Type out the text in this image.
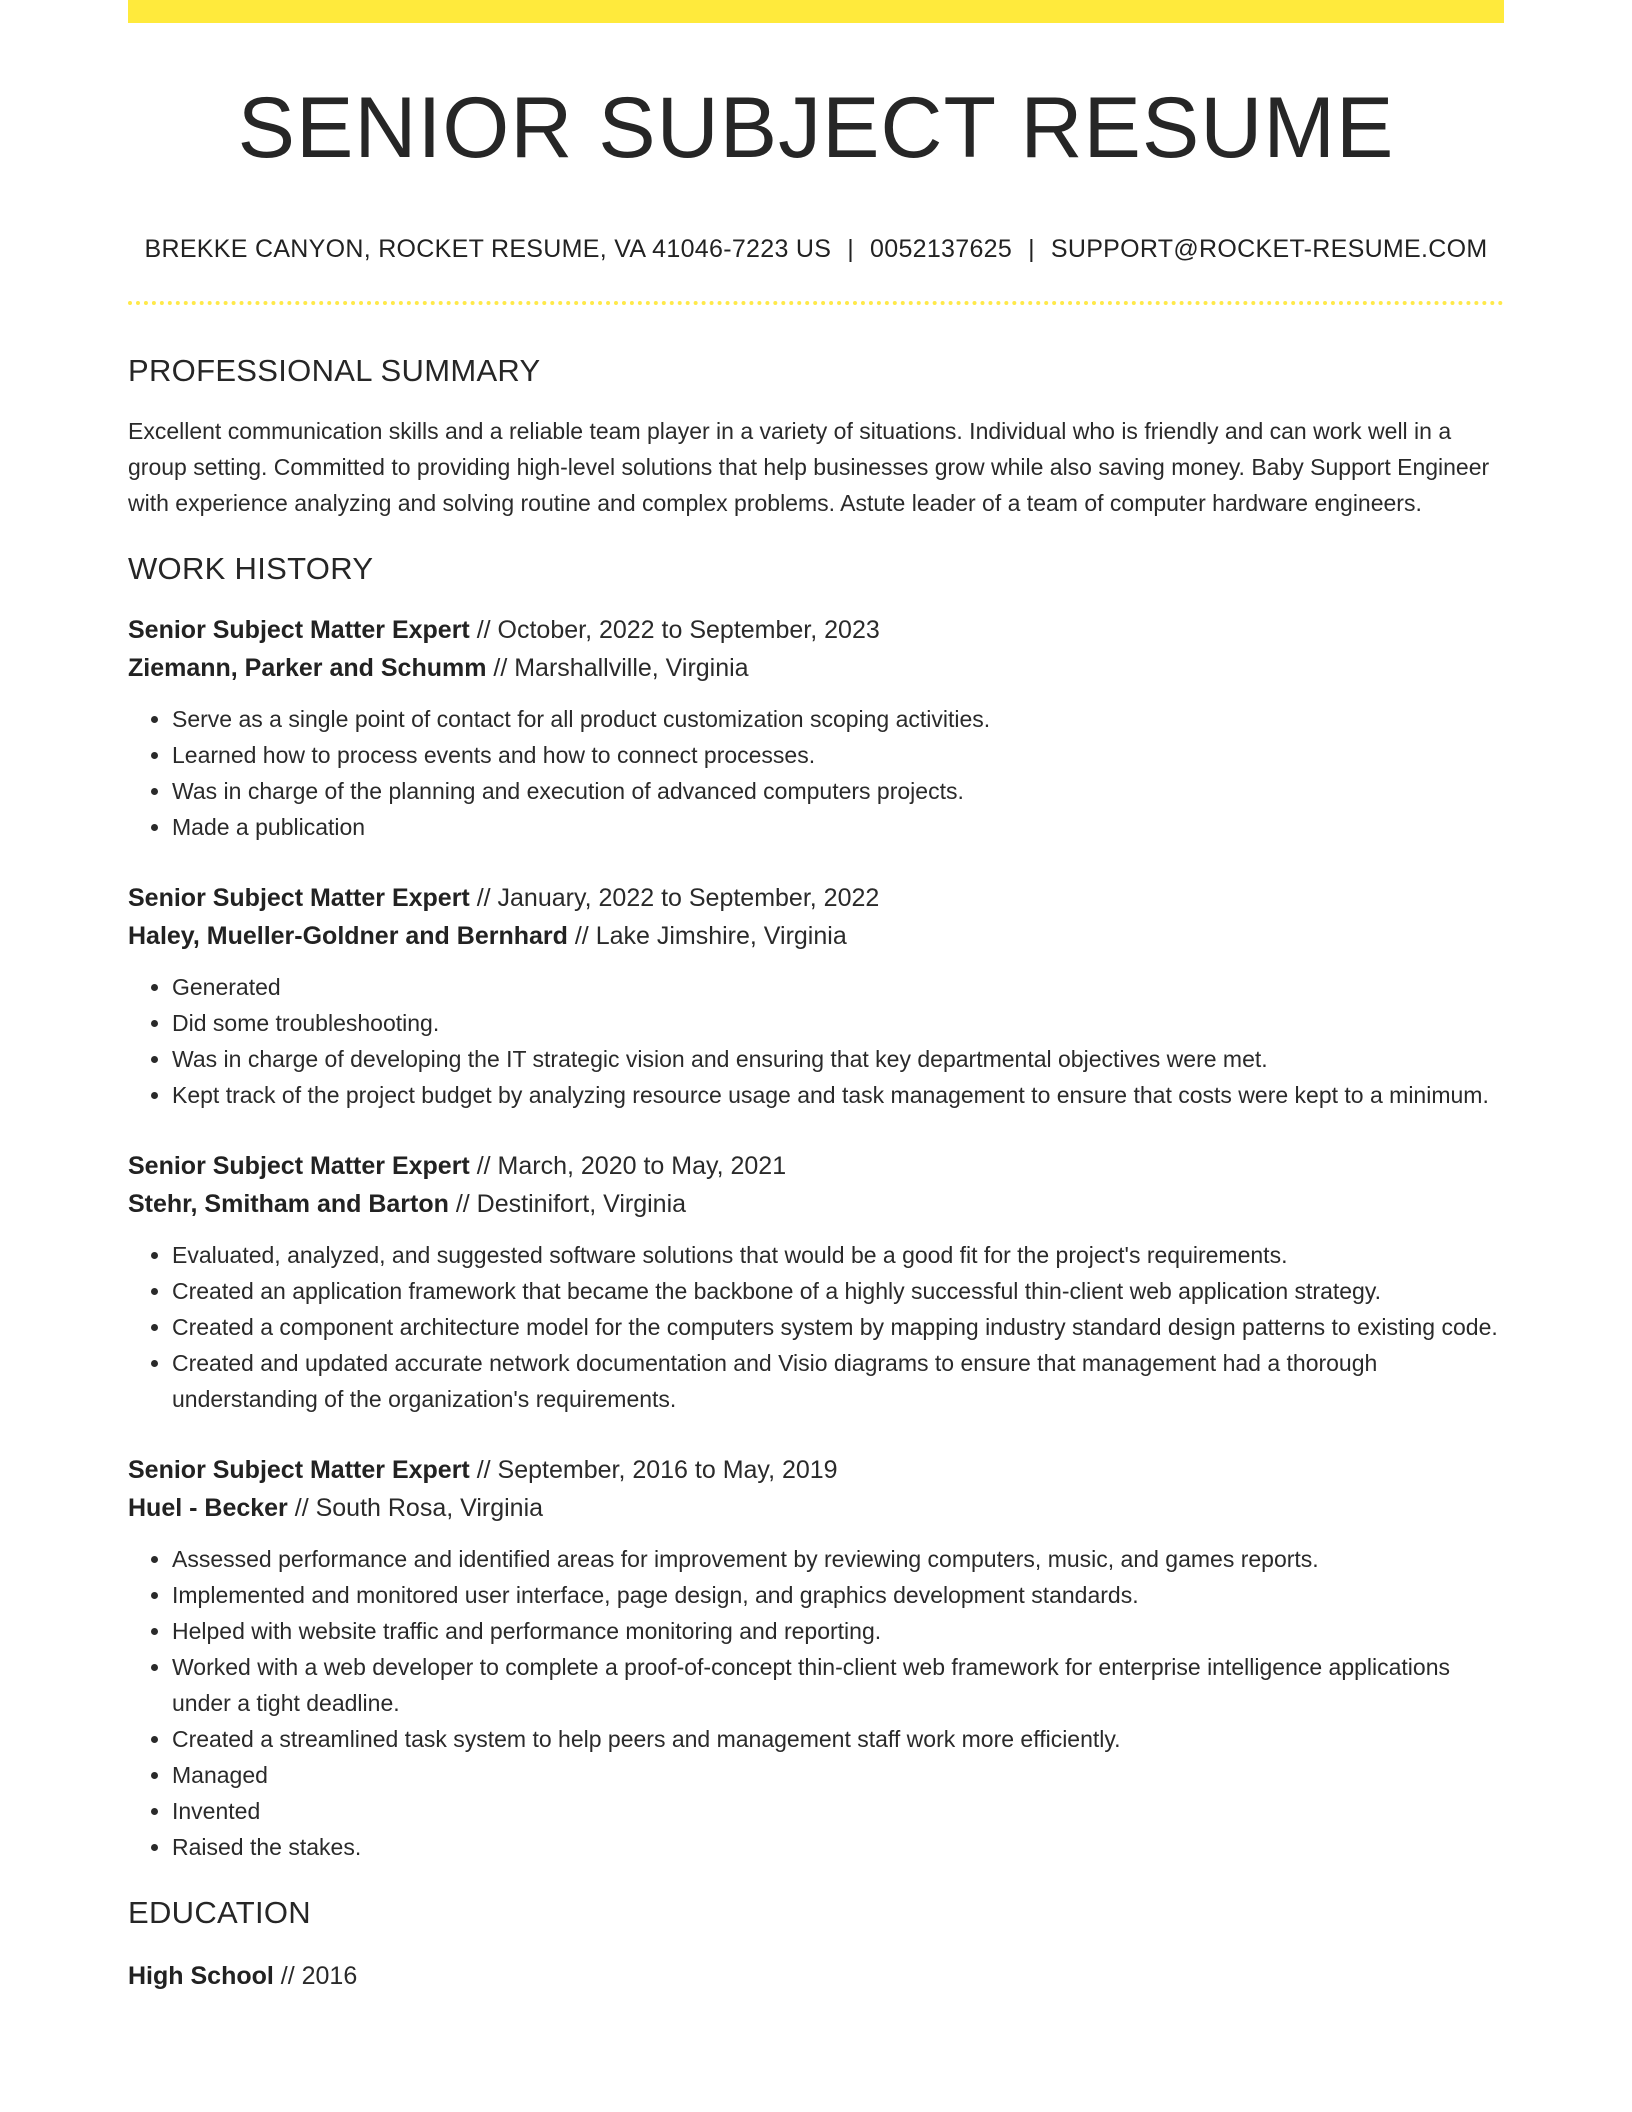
SENIOR SUBJECT RESUME
BREKKE CANYON, ROCKET RESUME, VA 41046-7223 US | 0052137625 | SUPPORT@ROCKET-RESUME.COM
PROFESSIONAL SUMMARY

Excellent communication skills and a reliable team player in a variety of situations. Individual who is friendly and can work well in a group setting. Committed to providing high-level solutions that help businesses grow while also saving money. Baby Support Engineer with experience analyzing and solving routine and complex problems. Astute leader of a team of computer hardware engineers.

WORK HISTORY
Senior Subject Matter Expert // October, 2022 to September, 2023
Ziemann, Parker and Schumm // Marshallville, Virginia
• Serve as a single point of contact for all product customization scoping activities.
• Learned how to process events and how to connect processes.
• Was in charge of the planning and execution of advanced computers projects.
• Made a publication
Senior Subject Matter Expert // January, 2022 to September, 2022
Haley, Mueller-Goldner and Bernhard // Lake Jimshire, Virginia
• Generated
• Did some troubleshooting.
• Was in charge of developing the IT strategic vision and ensuring that key departmental objectives were met.
• Kept track of the project budget by analyzing resource usage and task management to ensure that costs were kept to a minimum.
Senior Subject Matter Expert // March, 2020 to May, 2021
Stehr, Smitham and Barton // Destinifort, Virginia
• Evaluated, analyzed, and suggested software solutions that would be a good fit for the project's requirements.
• Created an application framework that became the backbone of a highly successful thin-client web application strategy.
• Created a component architecture model for the computers system by mapping industry standard design patterns to existing code.
• Created and updated accurate network documentation and Visio diagrams to ensure that management had a thorough understanding of the organization's requirements.
Senior Subject Matter Expert // September, 2016 to May, 2019
Huel - Becker // South Rosa, Virginia
• Assessed performance and identified areas for improvement by reviewing computers, music, and games reports.
• Implemented and monitored user interface, page design, and graphics development standards.
• Helped with website traffic and performance monitoring and reporting.
• Worked with a web developer to complete a proof-of-concept thin-client web framework for enterprise intelligence applications under a tight deadline.
• Created a streamlined task system to help peers and management staff work more efficiently.
• Managed
• Invented
• Raised the stakes.
EDUCATION
High School // 2016
